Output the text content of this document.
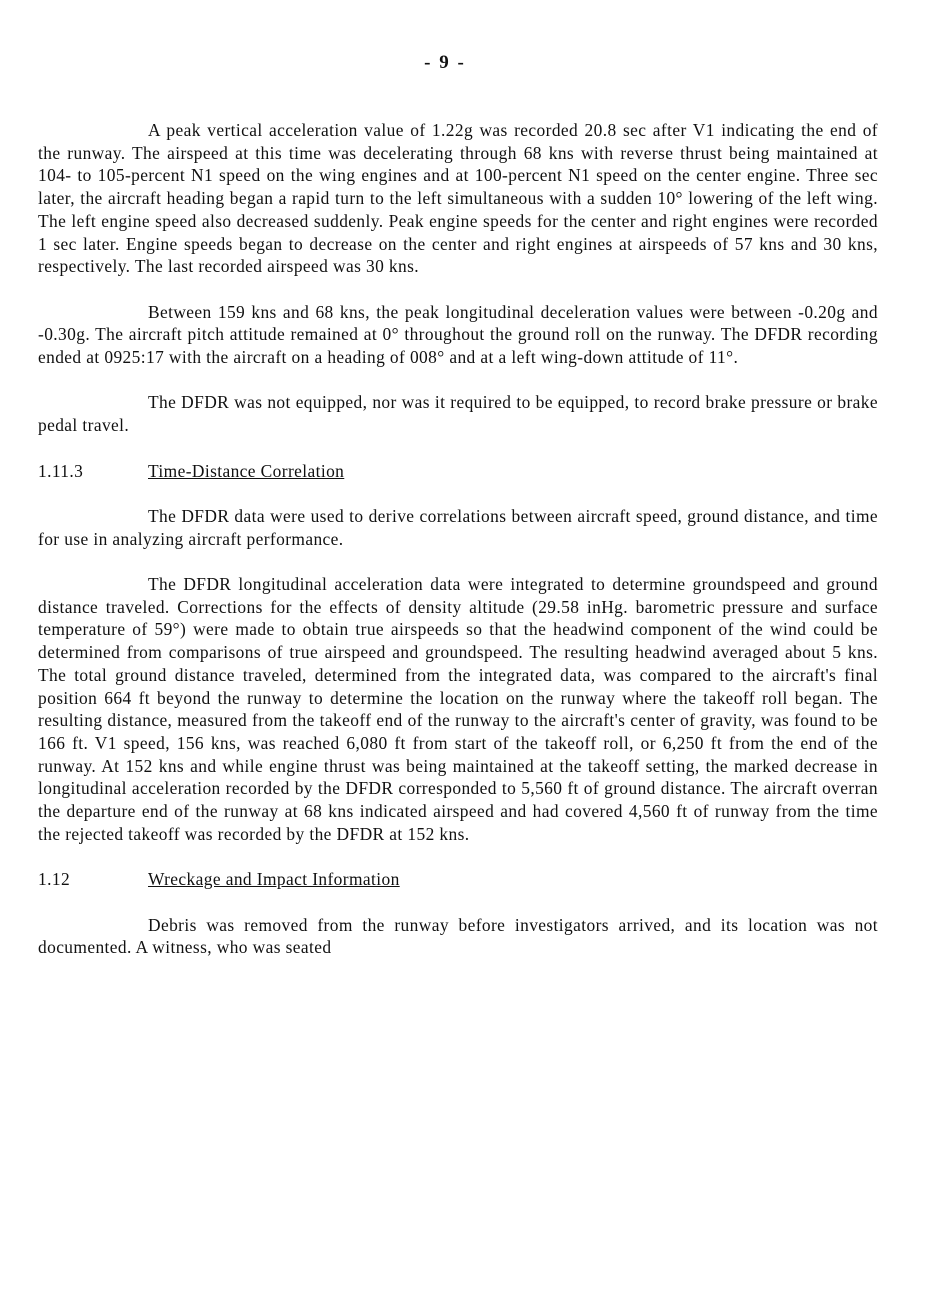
- 9 -

A peak vertical acceleration value of 1.22g was recorded 20.8 sec after V1 indicating the end of the runway. The airspeed at this time was decelerating through 68 kns with reverse thrust being maintained at 104- to 105-percent N1 speed on the wing engines and at 100-percent N1 speed on the center engine. Three sec later, the aircraft heading began a rapid turn to the left simultaneous with a sudden 10° lowering of the left wing. The left engine speed also decreased suddenly. Peak engine speeds for the center and right engines were recorded 1 sec later. Engine speeds began to decrease on the center and right engines at airspeeds of 57 kns and 30 kns, respectively. The last recorded airspeed was 30 kns.

Between 159 kns and 68 kns, the peak longitudinal deceleration values were between -0.20g and -0.30g. The aircraft pitch attitude remained at 0° throughout the ground roll on the runway. The DFDR recording ended at 0925:17 with the aircraft on a heading of 008° and at a left wing-down attitude of 11°.

The DFDR was not equipped, nor was it required to be equipped, to record brake pressure or brake pedal travel.

1.11.3	Time-Distance Correlation

The DFDR data were used to derive correlations between aircraft speed, ground distance, and time for use in analyzing aircraft performance.

The DFDR longitudinal acceleration data were integrated to determine groundspeed and ground distance traveled. Corrections for the effects of density altitude (29.58 inHg. barometric pressure and surface temperature of 59°) were made to obtain true airspeeds so that the headwind component of the wind could be determined from comparisons of true airspeed and groundspeed. The resulting headwind averaged about 5 kns. The total ground distance traveled, determined from the integrated data, was compared to the aircraft's final position 664 ft beyond the runway to determine the location on the runway where the takeoff roll began. The resulting distance, measured from the takeoff end of the runway to the aircraft's center of gravity, was found to be 166 ft. V1 speed, 156 kns, was reached 6,080 ft from start of the takeoff roll, or 6,250 ft from the end of the runway. At 152 kns and while engine thrust was being maintained at the takeoff setting, the marked decrease in longitudinal acceleration recorded by the DFDR corresponded to 5,560 ft of ground distance. The aircraft overran the departure end of the runway at 68 kns indicated airspeed and had covered 4,560 ft of runway from the time the rejected takeoff was recorded by the DFDR at 152 kns.

1.12	Wreckage and Impact Information

Debris was removed from the runway before investigators arrived, and its location was not documented. A witness, who was seated
